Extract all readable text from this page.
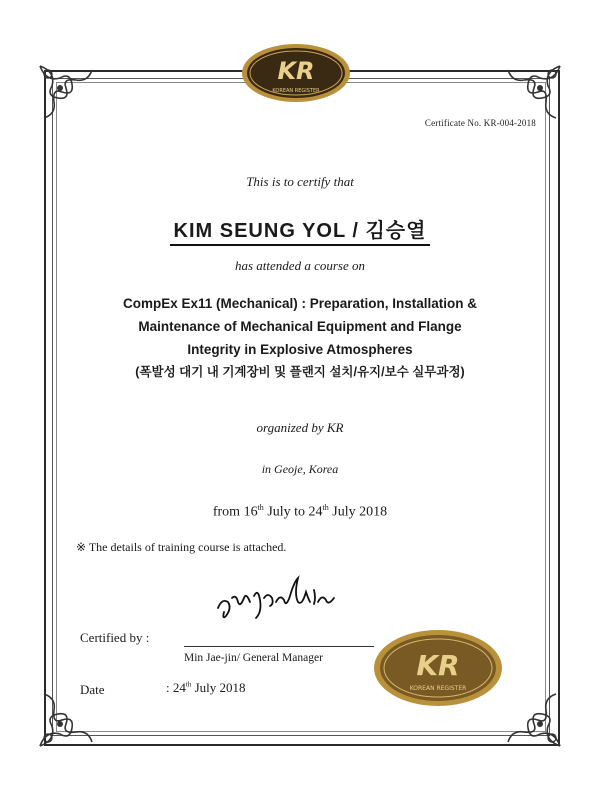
KR
KOREAN REGISTER
Certificate No. KR-004-2018
This is to certify that
KIM SEUNG YOL / 김승열
has attended a course on
CompEx Ex11 (Mechanical) : Preparation, Installation &
Maintenance of Mechanical Equipment and Flange
Integrity in Explosive Atmospheres
(폭발성 대기 내 기계장비 및 플랜지 설치/유지/보수 실무과정)
organized by KR
in Geoje, Korea
from 16th July to 24th July 2018
※ The details of training course is attached.
Certified by :
Min Jae-jin/ General Manager
Date	: 24th July 2018
KR
KOREAN REGISTER
